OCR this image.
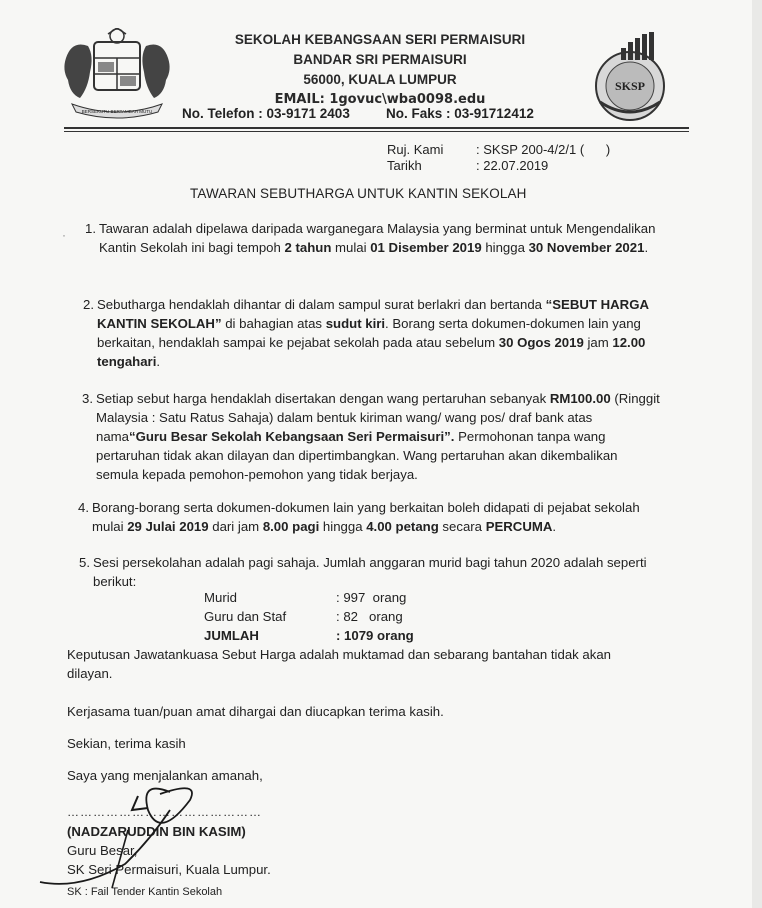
BERSEKUTU BERTAMBAH MUTU
SKSP
SEKOLAH KEBANGSAAN SERI PERMAISURI
BANDAR SRI PERMAISURI
56000, KUALA LUMPUR
EMAIL: 1govuc\wba0098.edu
No. Telefon : 03-9171 2403	No. Faks : 03-91712412
Ruj. Kami	: SKSP 200-4/2/1 (      )
Tarikh	: 22.07.2019
TAWARAN SEBUTHARGA UNTUK KANTIN SEKOLAH
· 1. Tawaran adalah dipelawa daripada warganegara Malaysia yang berminat untuk Mengendalikan Kantin Sekolah ini bagi tempoh 2 tahun mulai 01 Disember 2019 hingga 30 November 2021.
2. Sebutharga hendaklah dihantar di dalam sampul surat berlakri dan bertanda “SEBUT HARGA KANTIN SEKOLAH” di bahagian atas sudut kiri. Borang serta dokumen-dokumen lain yang berkaitan, hendaklah sampai ke pejabat sekolah pada atau sebelum 30 Ogos 2019 jam 12.00 tengahari.
3. Setiap sebut harga hendaklah disertakan dengan wang pertaruhan sebanyak RM100.00 (Ringgit Malaysia : Satu Ratus Sahaja) dalam bentuk kiriman wang/ wang pos/ draf bank atas nama“Guru Besar Sekolah Kebangsaan Seri Permaisuri”. Permohonan tanpa wang pertaruhan tidak akan dilayan dan dipertimbangkan. Wang pertaruhan akan dikembalikan semula kepada pemohon-pemohon yang tidak berjaya.
4. Borang-borang serta dokumen-dokumen lain yang berkaitan boleh didapati di pejabat sekolah mulai 29 Julai 2019 dari jam 8.00 pagi hingga 4.00 petang secara PERCUMA.
5. Sesi persekolahan adalah pagi sahaja. Jumlah anggaran murid bagi tahun 2020 adalah seperti berikut:
Murid	: 997  orang
Guru dan Staf	: 82   orang
JUMLAH	: 1079 orang
Keputusan Jawatankuasa Sebut Harga adalah muktamad dan sebarang bantahan tidak akan dilayan.
Kerjasama tuan/puan amat dihargai dan diucapkan terima kasih.
Sekian, terima kasih
Saya yang menjalankan amanah,
………………………………………
(NADZARUDDIN BIN KASIM)
Guru Besar,
SK Seri Permaisuri, Kuala Lumpur.
SK : Fail Tender Kantin Sekolah
